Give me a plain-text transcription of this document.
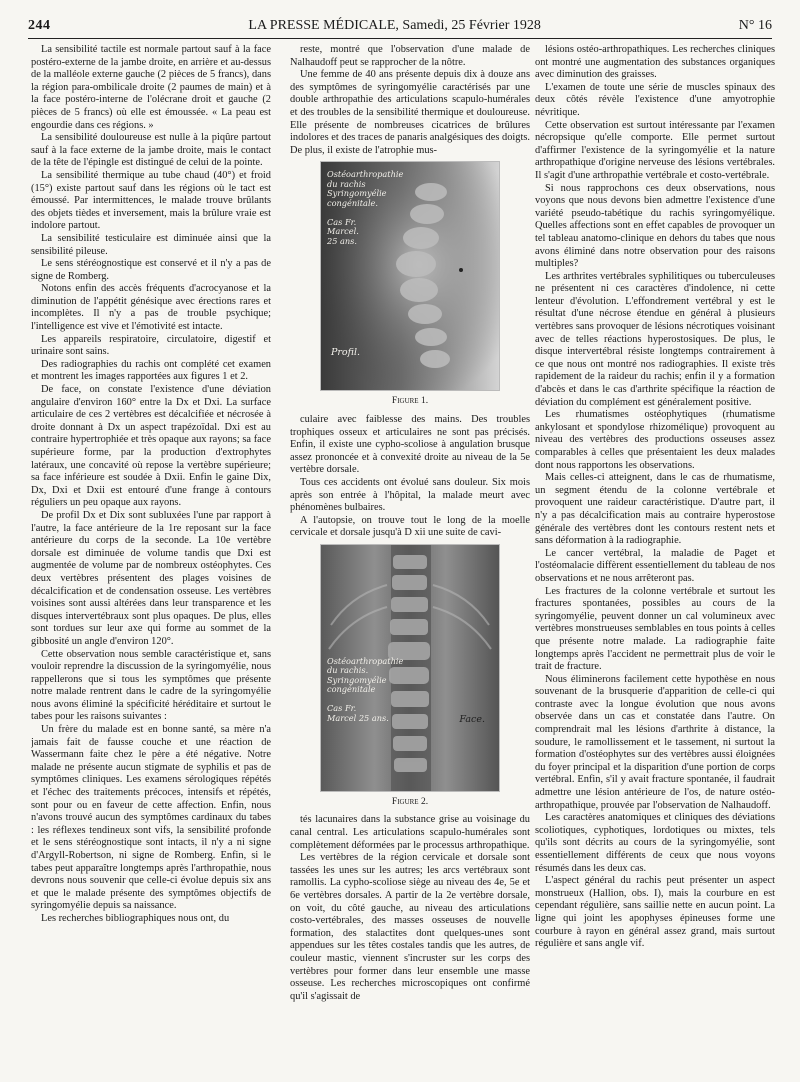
244	LA PRESSE MÉDICALE, Samedi, 25 Février 1928	N° 16

La sensibilité tactile est normale partout sauf à la face postéro-externe de la jambe droite, en arrière et au-dessus de la malléole externe gauche (2 pièces de 5 francs), dans la région para-ombilicale droite (2 paumes de main) et à la face postéro-interne de l'olécrane droit et gauche (2 pièces de 5 francs) où elle est émoussée. « La peau est engourdie dans ces régions. »

La sensibilité douloureuse est nulle à la piqûre partout sauf à la face externe de la jambe droite, mais le contact de la tête de l'épingle est distingué de celui de la pointe.

La sensibilité thermique au tube chaud (40°) et froid (15°) existe partout sauf dans les régions où le tact est émoussé. Par intermittences, le malade trouve brûlants des objets tièdes et inversement, mais la brûlure vraie est indolore partout.

La sensibilité testiculaire est diminuée ainsi que la sensibilité pileuse.

Le sens stéréognostique est conservé et il n'y a pas de signe de Romberg.

Notons enfin des accès fréquents d'acrocyanose et la diminution de l'appétit génésique avec érections rares et incomplètes. Il n'y a pas de trouble psychique; l'intelligence est vive et l'émotivité est intacte.

Les appareils respiratoire, circulatoire, digestif et urinaire sont sains.

Des radiographies du rachis ont complété cet examen et montrent les images rapportées aux figures 1 et 2.

De face, on constate l'existence d'une déviation angulaire d'environ 160° entre la Dx et Dxi. La surface articulaire de ces 2 vertèbres est décalcifiée et nécrosée à droite donnant à Dx un aspect trapézoïdal. Dxi est au contraire hypertrophiée et très opaque aux rayons; sa face supérieure forme, par la production d'extrophytes latéraux, une concavité où repose la vertèbre supérieure; sa face inférieure est soudée à Dxii. Enfin le gaine Dix, Dx, Dxi et Dxii est entouré d'une frange à contours réguliers un peu opaque aux rayons.

De profil Dx et Dix sont subluxées l'une par rapport à l'autre, la face antérieure de la 1re reposant sur la face antérieure du corps de la seconde. La 10e vertèbre dorsale est diminuée de volume tandis que Dxi est augmentée de volume par de nombreux ostéophytes. Ces deux vertèbres présentent des plages voisines de décalcification et de condensation osseuse. Les vertèbres voisines sont aussi altérées dans leur transparence et les disques intervertébraux sont plus opaques. De plus, elles sont tordues sur leur axe qui forme au sommet de la gibbosité un angle d'environ 120°.

Cette observation nous semble caractéristique et, sans vouloir reprendre la discussion de la syringomyélie, nous rappellerons que si tous les symptômes que présente notre malade rentrent dans le cadre de la syringomyélie nous avons éliminé la spécificité héréditaire et surtout le tabes pour les raisons suivantes :

Un frère du malade est en bonne santé, sa mère n'a jamais fait de fausse couche et une réaction de Wassermann faite chez le père a été négative. Notre malade ne présente aucun stigmate de syphilis et pas de symptômes cliniques. Les examens sérologiques répétés et l'échec des traitements précoces, intensifs et répétés, sont pour ou en faveur de cette affection. Enfin, nous n'avons trouvé aucun des symptômes cardinaux du tabes : les réflexes tendineux sont vifs, la sensibilité profonde et le sens stéréognostique sont intacts, il n'y a ni signe d'Argyll-Robertson, ni signe de Romberg. Enfin, si le tabes peut apparaître longtemps après l'arthropathie, nous devrons nous souvenir que celle-ci évolue depuis six ans et que le malade présente des symptômes objectifs de syringomyélie depuis sa naissance.

Les recherches bibliographiques nous ont, du

reste, montré que l'observation d'une malade de Nalhaudoff peut se rapprocher de la nôtre.

Une femme de 40 ans présente depuis dix à douze ans des symptômes de syringomyélie caractérisés par une double arthropathie des articulations scapulo-humérales et des troubles de la sensibilité thermique et douloureuse. Elle présente de nombreuses cicatrices de brûlures indolores et des traces de panaris analgésiques des doigts. De plus, il existe de l'atrophie mus-

Ostéoarthropathie
du rachis
Syringomyélie
congénitale.

Cas Fr.
Marcel.
25 ans.
Profil.
Figure 1.

culaire avec faiblesse des mains. Des troubles trophiques osseux et articulaires ne sont pas précisés. Enfin, il existe une cypho-scoliose à angulation brusque assez prononcée et à convexité droite au niveau de la 5e vertèbre dorsale.

Tous ces accidents ont évolué sans douleur. Six mois après son entrée à l'hôpital, la malade meurt avec phénomènes bulbaires.

A l'autopsie, on trouve tout le long de la moelle cervicale et dorsale jusqu'à D xii une suite de cavi-

Ostéoarthropathie
du rachis.
Syringomyélie
congénitale

Cas Fr.
Marcel 25 ans.	Face.
Figure 2.

tés lacunaires dans la substance grise au voisinage du canal central. Les articulations scapulo-humérales sont complètement déformées par le processus arthropathique.

Les vertèbres de la région cervicale et dorsale sont tassées les unes sur les autres; les arcs vertébraux sont ramollis. La cypho-scoliose siège au niveau des 4e, 5e et 6e vertèbres dorsales. A partir de la 2e vertèbre dorsale, on voit, du côté gauche, au niveau des articulations costo-vertébrales, des masses osseuses de nouvelle formation, des stalactites dont quelques-unes sont appendues sur les têtes costales tandis que les autres, de couleur mastic, viennent s'incruster sur les corps des vertèbres pour former dans leur ensemble une masse osseuse. Les recherches microscopiques ont confirmé qu'il s'agissait de

lésions ostéo-arthropathiques. Les recherches cliniques ont montré une augmentation des substances organiques avec diminution des graisses.

L'examen de toute une série de muscles spinaux des deux côtés révèle l'existence d'une amyotrophie névritique.

Cette observation est surtout intéressante par l'examen nécropsique qu'elle comporte. Elle permet surtout d'affirmer l'existence de la syringomyélie et la nature arthropathique d'origine nerveuse des lésions vertébrales. Il s'agit d'une arthropathie vertébrale et costo-vertébrale.

Si nous rapprochons ces deux observations, nous voyons que nous devons bien admettre l'existence d'une variété pseudo-tabétique du rachis syringomyélique. Quelles affections sont en effet capables de provoquer un tel tableau anatomo-clinique en dehors du tabes que nous avons éliminé dans notre observation pour des raisons multiples?

Les arthrites vertébrales syphilitiques ou tuberculeuses ne présentent ni ces caractères d'indolence, ni cette lenteur d'évolution. L'effondrement vertébral y est le résultat d'une nécrose étendue en général à plusieurs vertèbres sans provoquer de lésions nécrotiques voisinant avec de telles réactions hyperostosiques. De plus, le disque intervertébral résiste longtemps contrairement à ce que nous ont montré nos radiographies. Il existe très rapidement de la raideur du rachis; enfin il y a formation d'abcès et dans le cas d'arthrite spécifique la réaction de déviation du complément est généralement positive.

Les rhumatismes ostéophytiques (rhumatisme ankylosant et spondylose rhizomélique) provoquent au niveau des vertèbres des productions osseuses assez comparables à celles que présentaient les deux malades dont nous rapportons les observations.

Mais celles-ci atteignent, dans le cas de rhumatisme, un segment étendu de la colonne vertébrale et provoquent une raideur caractéristique. D'autre part, il n'y a pas décalcification mais au contraire hyperostose générale des vertèbres dont les contours restent nets et sans déformation à la radiographie.

Le cancer vertébral, la maladie de Paget et l'ostéomalacie diffèrent essentiellement du tableau de nos observations et ne nous arrêteront pas.

Les fractures de la colonne vertébrale et surtout les fractures spontanées, possibles au cours de la syringomyélie, peuvent donner un cal volumineux avec vertèbres monstrueuses semblables en tous points à celles que présente notre malade. La radiographie faite longtemps après l'accident ne permettrait plus de voir le trait de fracture.

Nous éliminerons facilement cette hypothèse en nous souvenant de la brusquerie d'apparition de celle-ci qui contraste avec la longue évolution que nous avons observée dans un cas et constatée dans l'autre. On comprendrait mal les lésions d'arthrite à distance, la soudure, le ramollissement et le tassement, ni surtout la formation d'ostéophytes sur des vertèbres aussi éloignées du foyer principal et la disparition d'une portion de corps vertébral. Enfin, s'il y avait fracture spontanée, il faudrait admettre une lésion antérieure de l'os, de nature ostéo-arthropathique, prouvée par l'observation de Nalhaudoff.

Les caractères anatomiques et cliniques des déviations scoliotiques, cyphotiques, lordotiques ou mixtes, tels qu'ils sont décrits au cours de la syringomyélie, sont essentiellement différents de ceux que nous voyons résumés dans les deux cas.

L'aspect général du rachis peut présenter un aspect monstrueux (Hallion, obs. I), mais la courbure en est cependant régulière, sans saillie nette en aucun point. La ligne qui joint les apophyses épineuses forme une courbure à rayon en général assez grand, mais surtout régulière et sans angle vif.
